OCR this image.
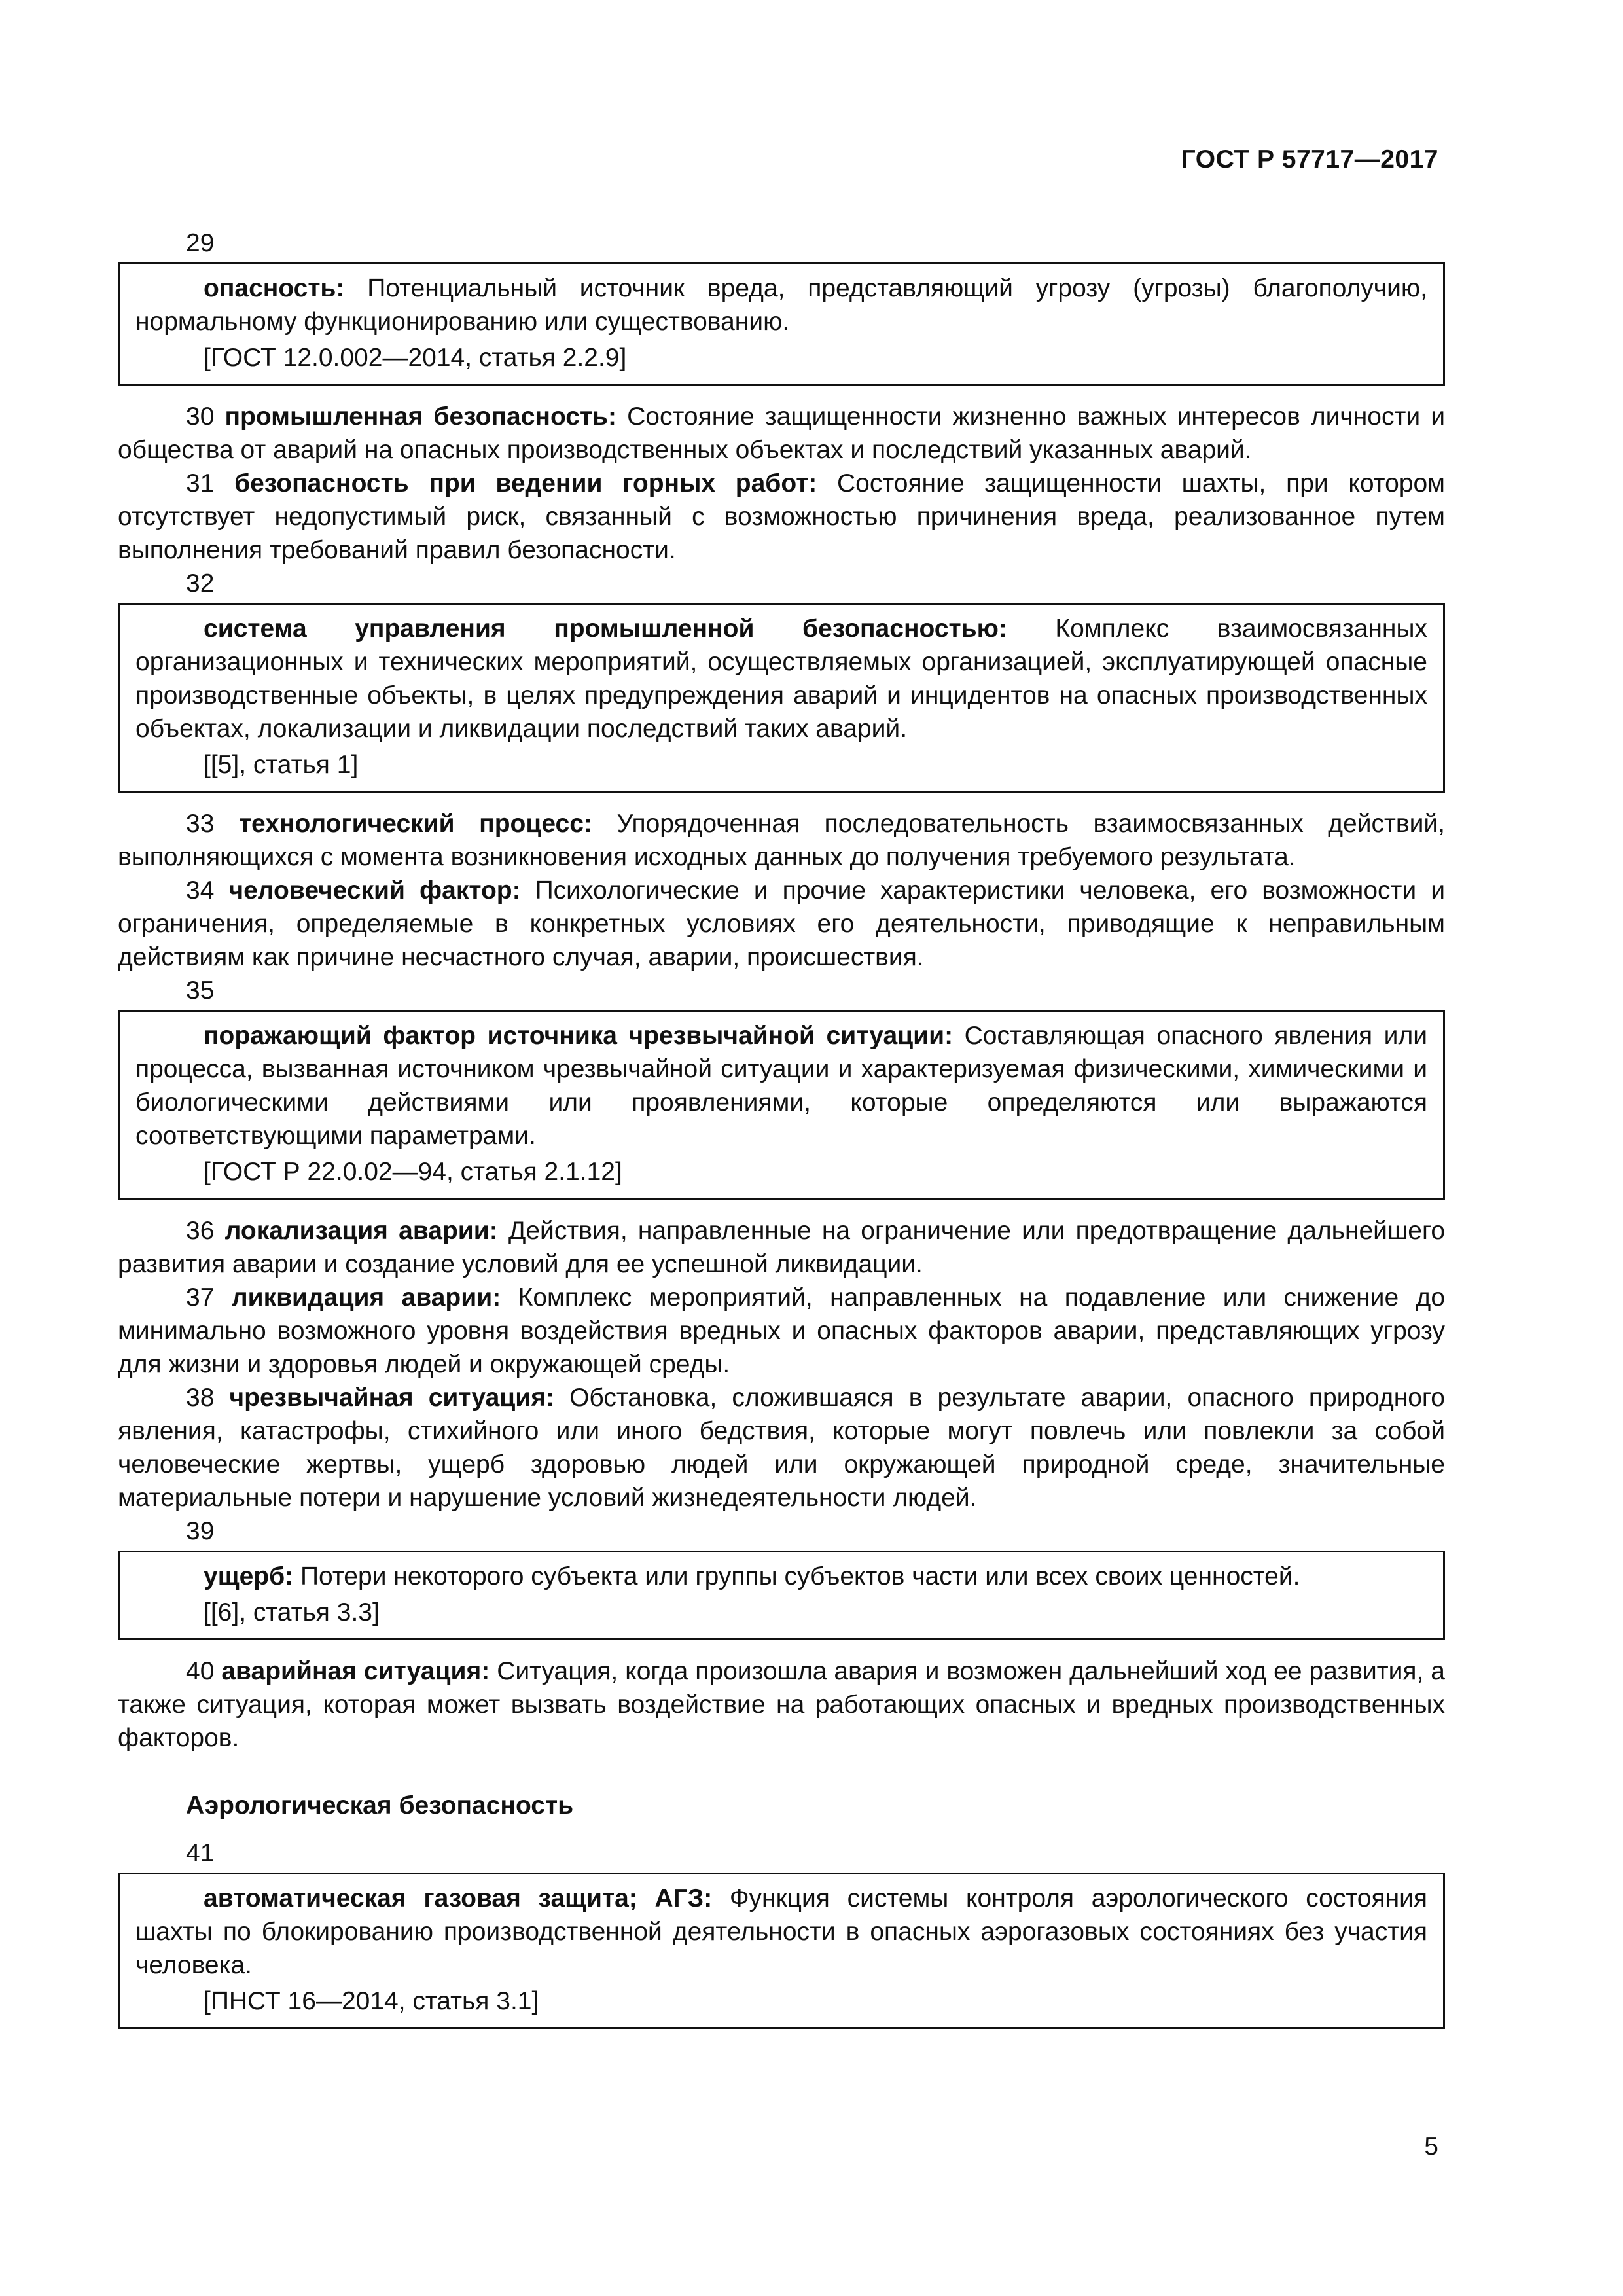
ГОСТ Р 57717—2017
29

опасность: Потенциальный источник вреда, представляющий угрозу (угрозы) благополучию, нормальному функционированию или существованию.

[ГОСТ 12.0.002—2014, статья 2.2.9]

30 промышленная безопасность: Состояние защищенности жизненно важных интересов личности и общества от аварий на опасных производственных объектах и последствий указанных аварий.

31 безопасность при ведении горных работ: Состояние защищенности шахты, при котором отсутствует недопустимый риск, связанный с возможностью причинения вреда, реализованное путем выполнения требований правил безопасности.

32

система управления промышленной безопасностью: Комплекс взаимосвязанных организационных и технических мероприятий, осуществляемых организацией, эксплуатирующей опасные производственные объекты, в целях предупреждения аварий и инцидентов на опасных производственных объектах, локализации и ликвидации последствий таких аварий.

[[5], статья 1]

33 технологический процесс: Упорядоченная последовательность взаимосвязанных действий, выполняющихся с момента возникновения исходных данных до получения требуемого результата.

34 человеческий фактор: Психологические и прочие характеристики человека, его возможности и ограничения, определяемые в конкретных условиях его деятельности, приводящие к неправильным действиям как причине несчастного случая, аварии, происшествия.

35

поражающий фактор источника чрезвычайной ситуации: Составляющая опасного явления или процесса, вызванная источником чрезвычайной ситуации и характеризуемая физическими, химическими и биологическими действиями или проявлениями, которые определяются или выражаются соответствующими параметрами.

[ГОСТ Р 22.0.02—94, статья 2.1.12]

36 локализация аварии: Действия, направленные на ограничение или предотвращение дальнейшего развития аварии и создание условий для ее успешной ликвидации.

37 ликвидация аварии: Комплекс мероприятий, направленных на подавление или снижение до минимально возможного уровня воздействия вредных и опасных факторов аварии, представляющих угрозу для жизни и здоровья людей и окружающей среды.

38 чрезвычайная ситуация: Обстановка, сложившаяся в результате аварии, опасного природного явления, катастрофы, стихийного или иного бедствия, которые могут повлечь или повлекли за собой человеческие жертвы, ущерб здоровью людей или окружающей природной среде, значительные материальные потери и нарушение условий жизнедеятельности людей.

39

ущерб: Потери некоторого субъекта или группы субъектов части или всех своих ценностей.

[[6], статья 3.3]

40 аварийная ситуация: Ситуация, когда произошла авария и возможен дальнейший ход ее развития, а также ситуация, которая может вызвать воздействие на работающих опасных и вредных производственных факторов.

Аэрологическая безопасность
41

автоматическая газовая защита; АГЗ: Функция системы контроля аэрологического состояния шахты по блокированию производственной деятельности в опасных аэрогазовых состояниях без участия человека.

[ПНСТ 16—2014, статья 3.1]

5
